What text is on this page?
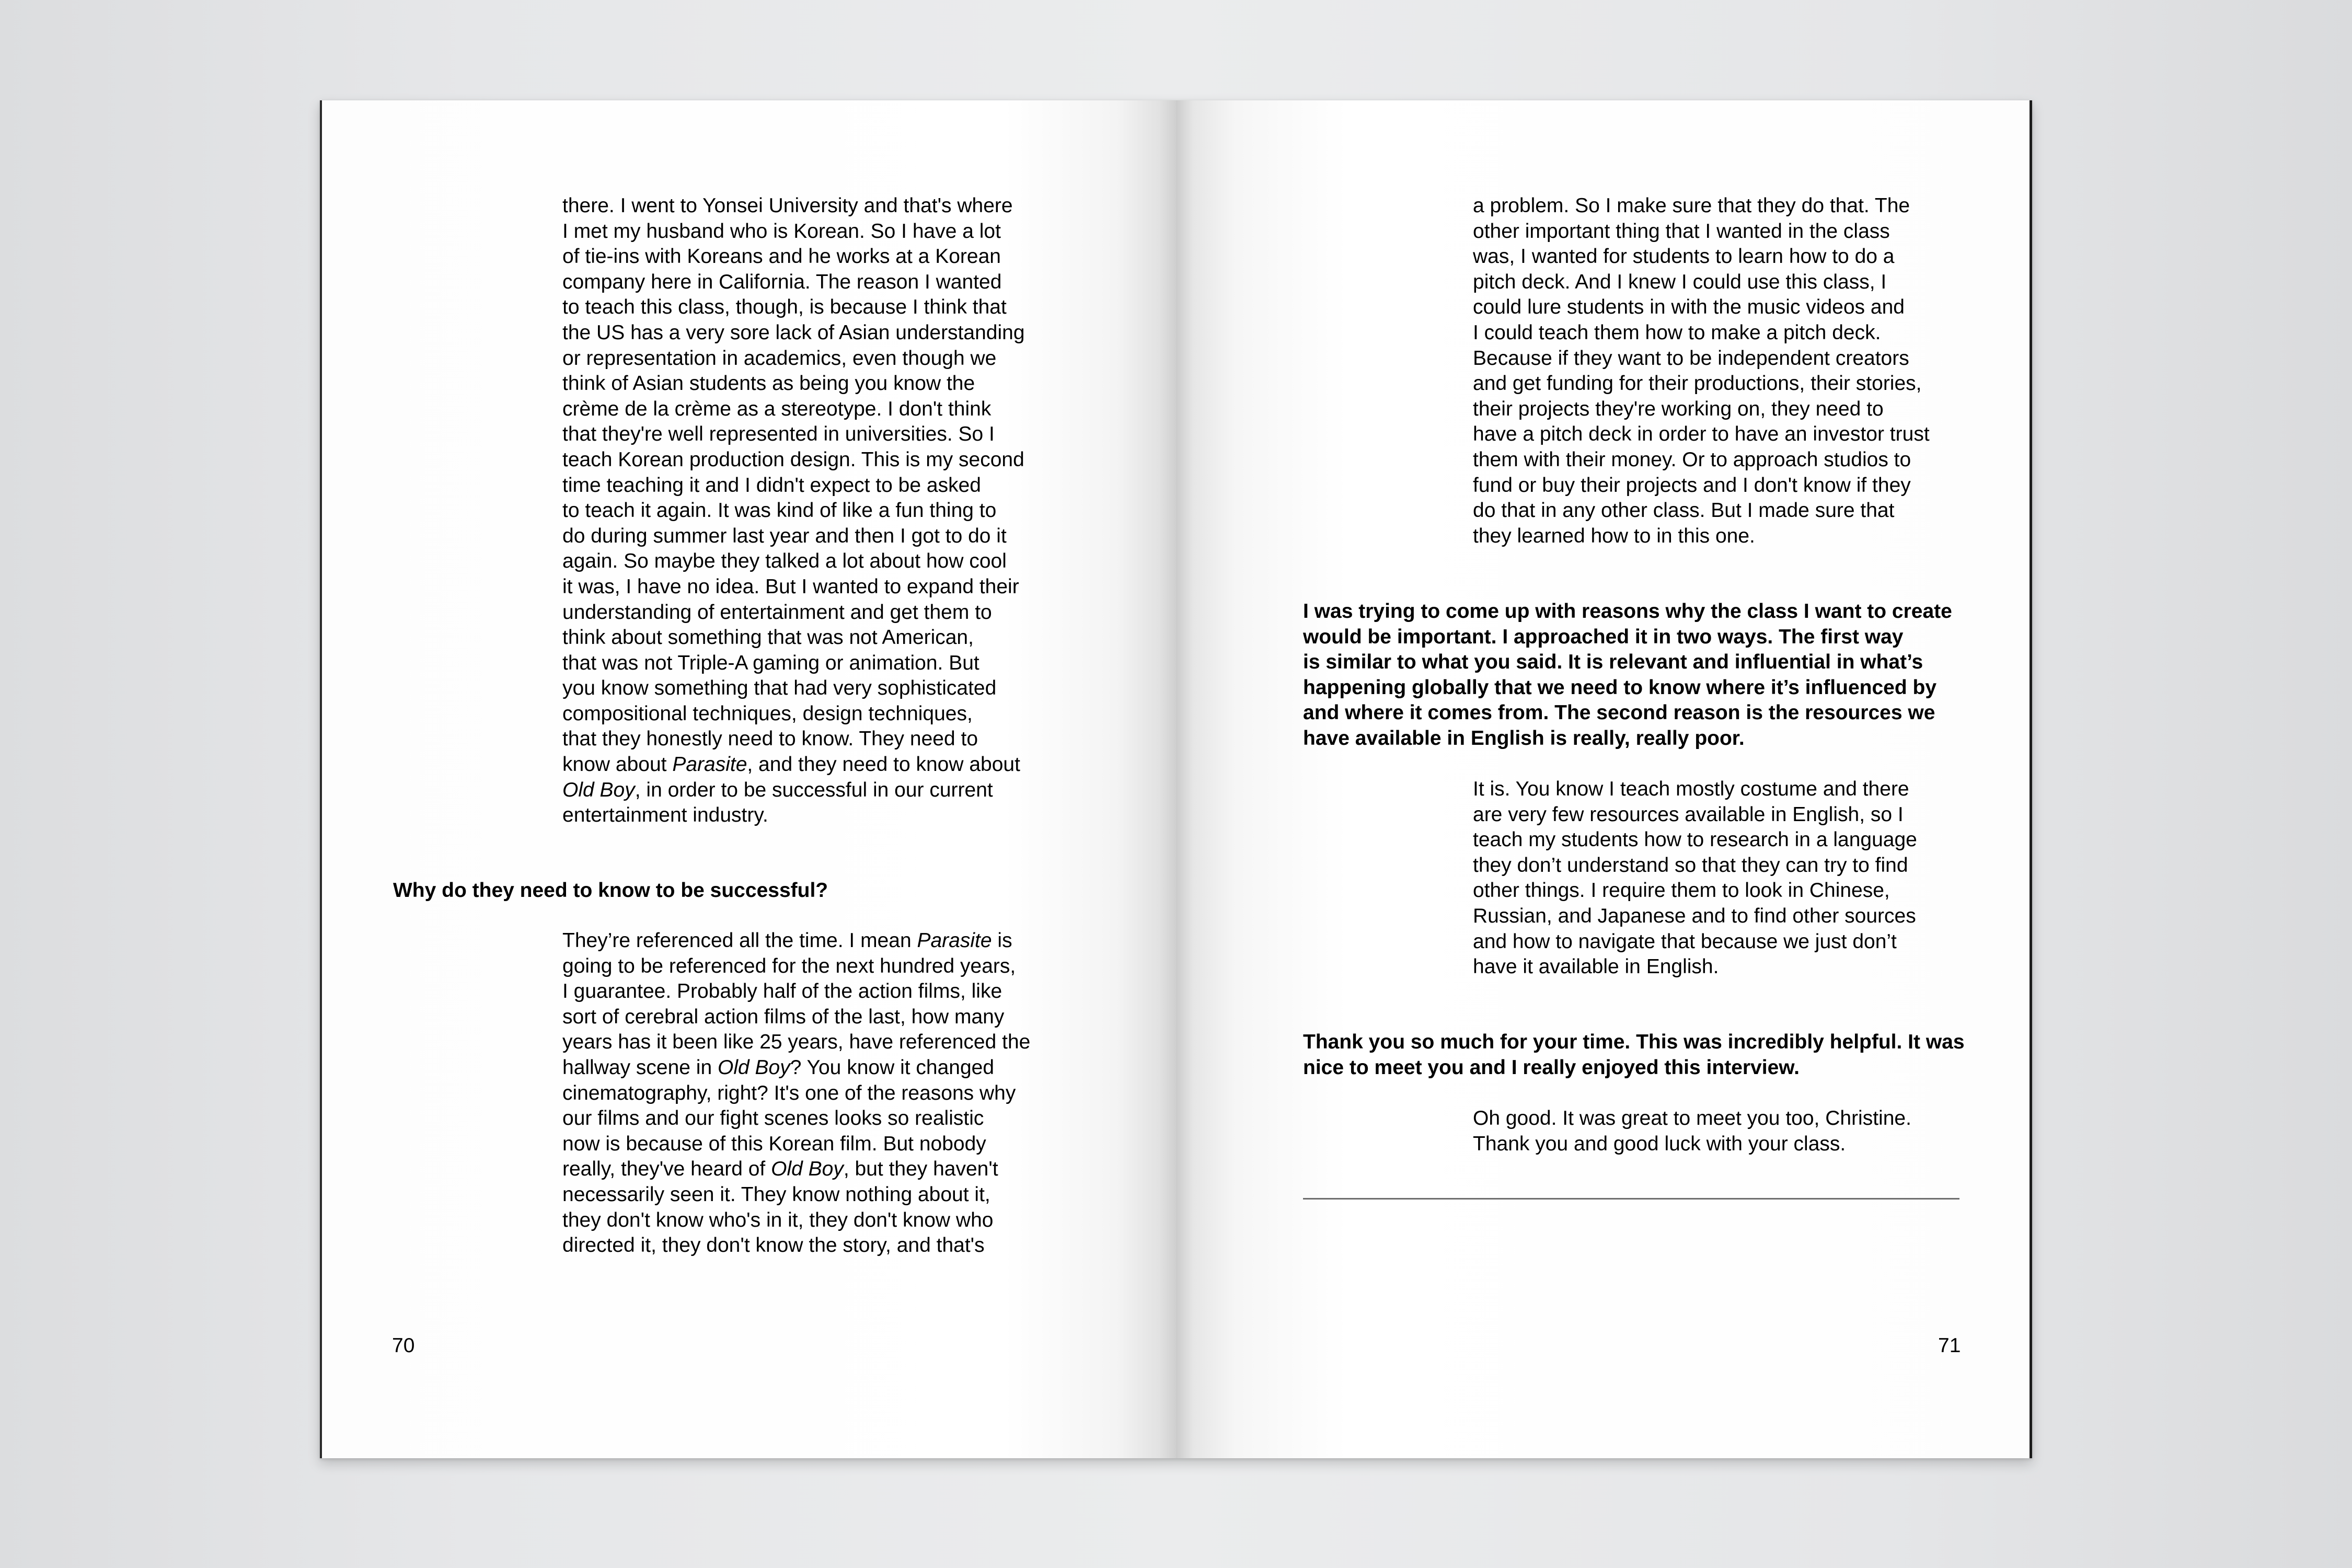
there. I went to Yonsei University and that's where
I met my husband who is Korean. So I have a lot
of tie-ins with Koreans and he works at a Korean
company here in California. The reason I wanted
to teach this class, though, is because I think that
the US has a very sore lack of Asian understanding
or representation in academics, even though we
think of Asian students as being you know the
crème de la crème as a stereotype. I don't think
that they're well represented in universities. So I
teach Korean production design. This is my second
time teaching it and I didn't expect to be asked
to teach it again. It was kind of like a fun thing to
do during summer last year and then I got to do it
again. So maybe they talked a lot about how cool
it was, I have no idea. But I wanted to expand their
understanding of entertainment and get them to
think about something that was not American,
that was not Triple-A gaming or animation. But
you know something that had very sophisticated
compositional techniques, design techniques,
that they honestly need to know. They need to
know about Parasite, and they need to know about
Old Boy, in order to be successful in our current
entertainment industry.

Why do they need to know to be successful?

They’re referenced all the time. I mean Parasite is
going to be referenced for the next hundred years,
I guarantee. Probably half of the action films, like
sort of cerebral action films of the last, how many
years has it been like 25 years, have referenced the
hallway scene in Old Boy? You know it changed
cinematography, right? It's one of the reasons why
our films and our fight scenes looks so realistic
now is because of this Korean film. But nobody
really, they've heard of Old Boy, but they haven't
necessarily seen it. They know nothing about it,
they don't know who's in it, they don't know who
directed it, they don't know the story, and that's

70

a problem. So I make sure that they do that. The
other important thing that I wanted in the class
was, I wanted for students to learn how to do a
pitch deck. And I knew I could use this class, I
could lure students in with the music videos and
I could teach them how to make a pitch deck.
Because if they want to be independent creators
and get funding for their productions, their stories,
their projects they're working on, they need to
have a pitch deck in order to have an investor trust
them with their money. Or to approach studios to
fund or buy their projects and I don't know if they
do that in any other class. But I made sure that
they learned how to in this one.

I was trying to come up with reasons why the class I want to create
would be important. I approached it in two ways. The first way
is similar to what you said. It is relevant and influential in what’s
happening globally that we need to know where it’s influenced by
and where it comes from. The second reason is the resources we
have available in English is really, really poor.

It is. You know I teach mostly costume and there
are very few resources available in English, so I
teach my students how to research in a language
they don’t understand so that they can try to find
other things. I require them to look in Chinese,
Russian, and Japanese and to find other sources
and how to navigate that because we just don’t
have it available in English.

Thank you so much for your time. This was incredibly helpful. It was
nice to meet you and I really enjoyed this interview.

Oh good. It was great to meet you too, Christine.
Thank you and good luck with your class.

71
